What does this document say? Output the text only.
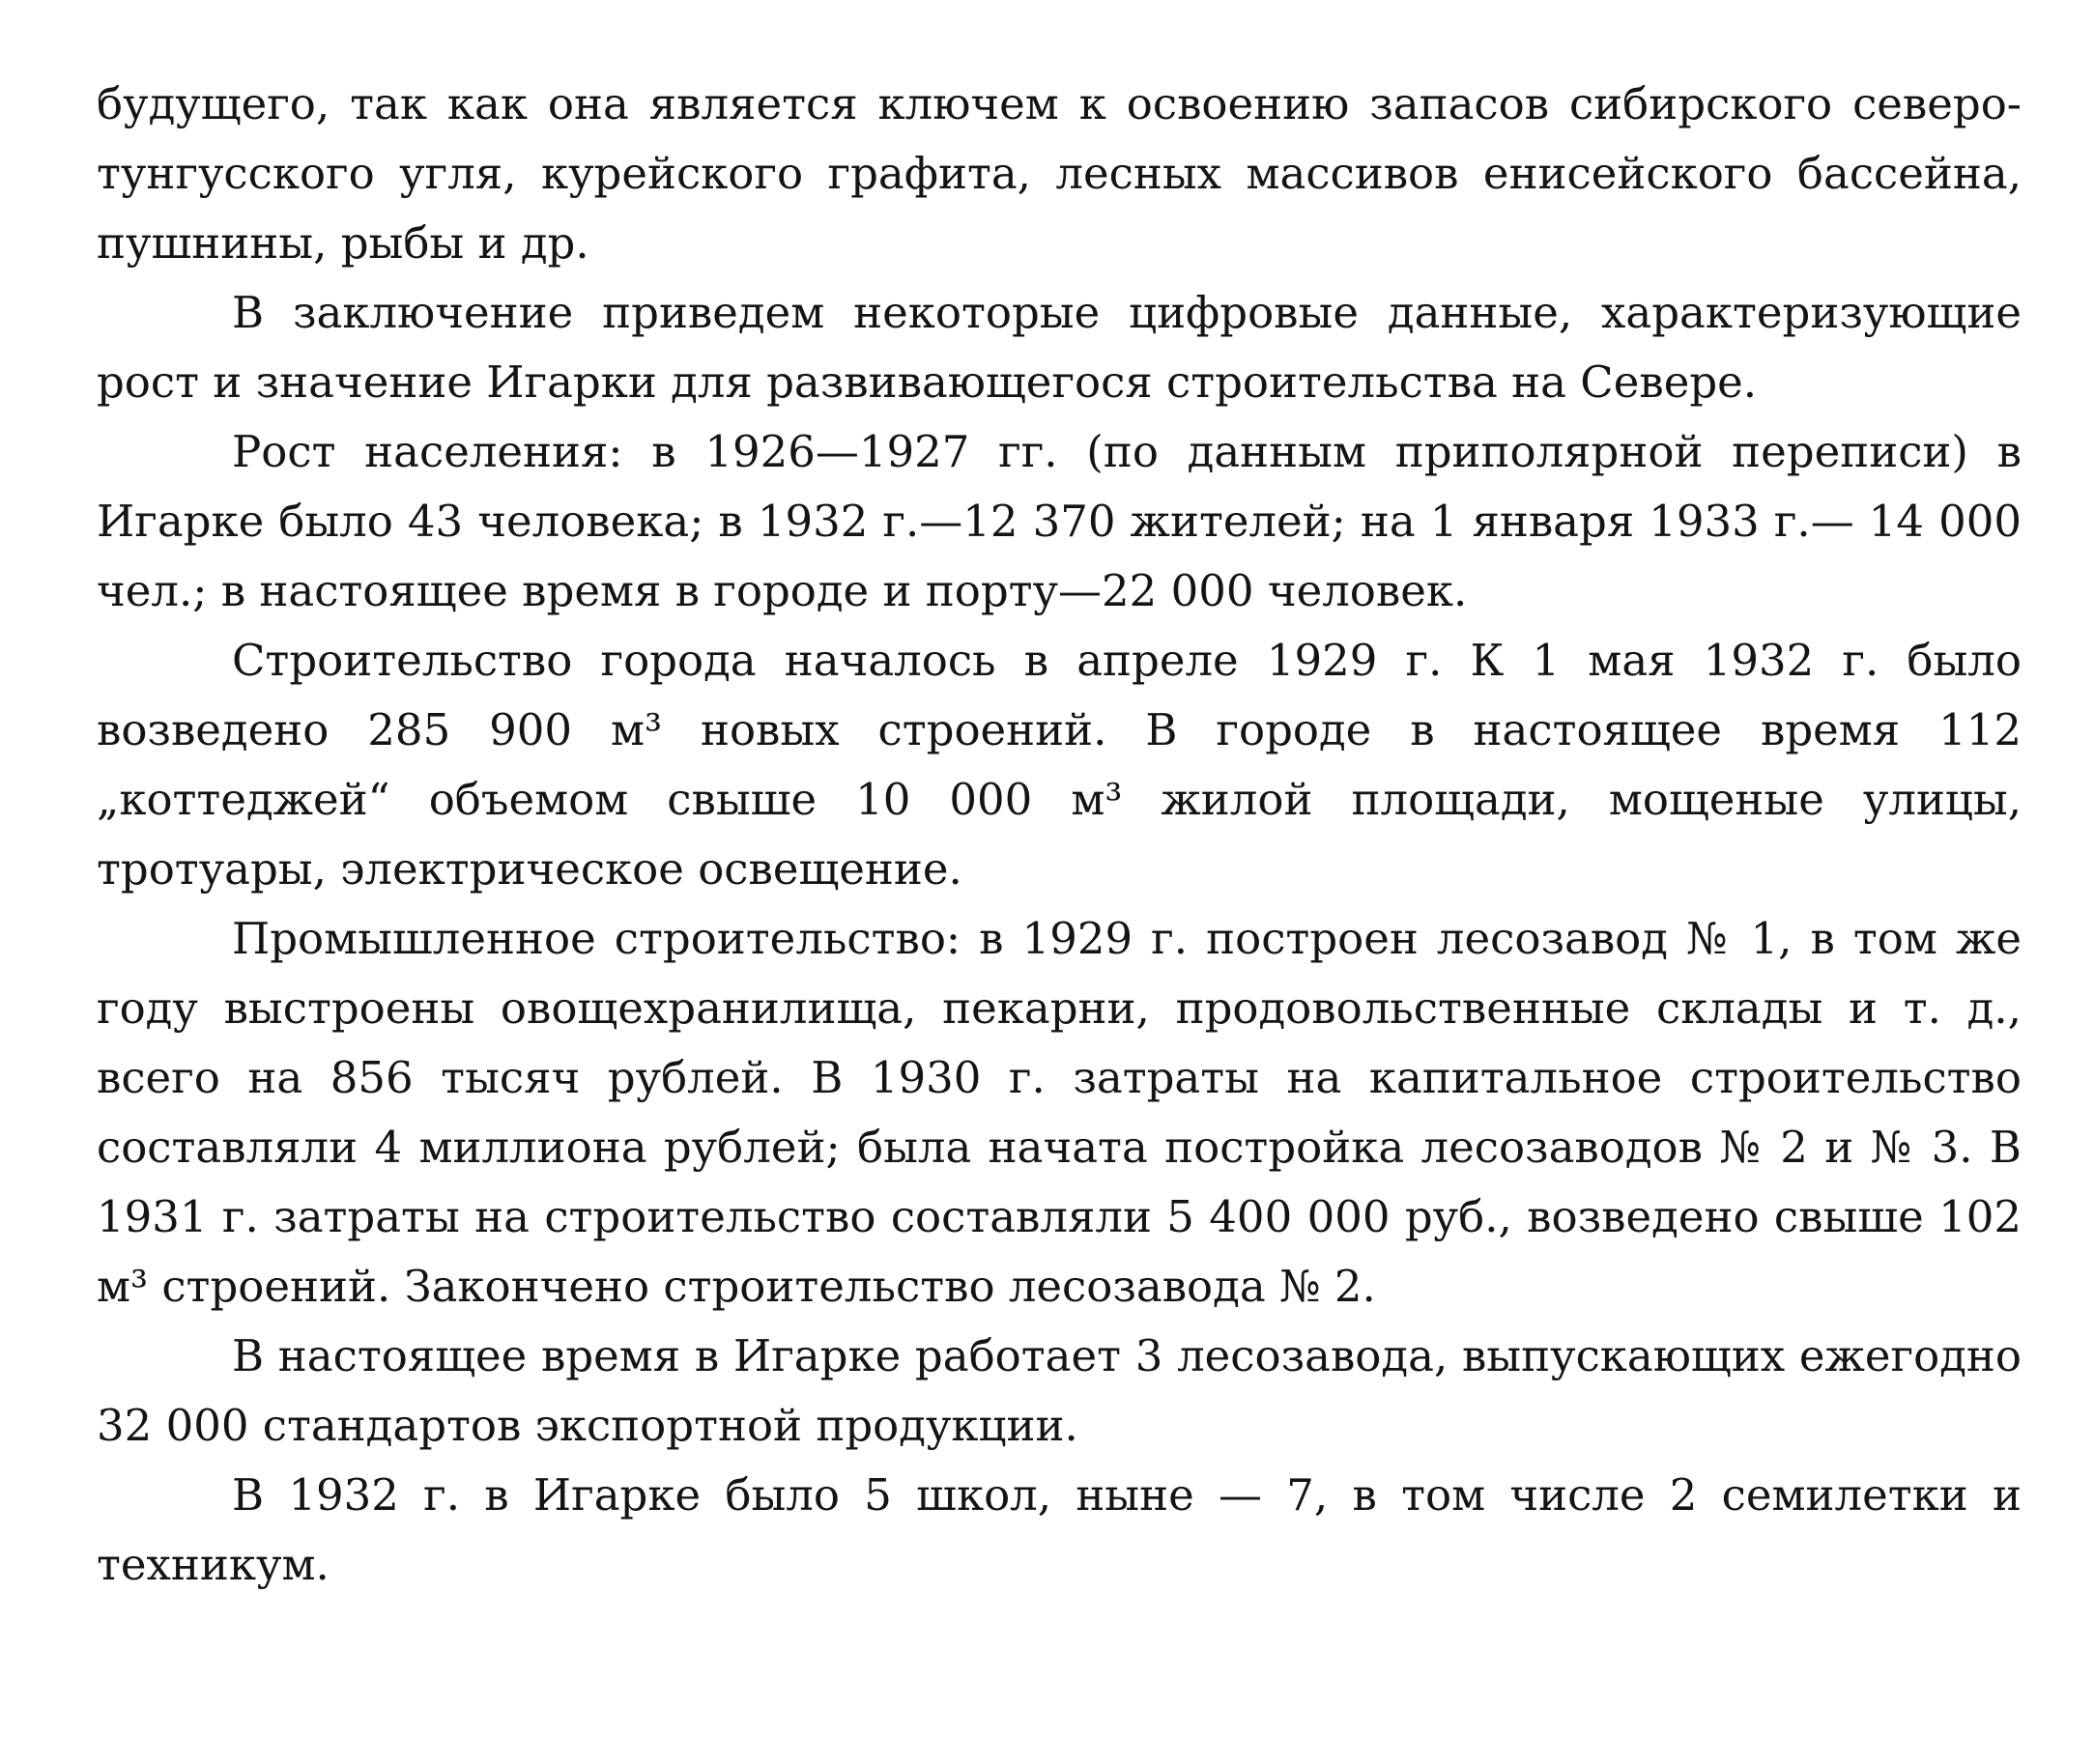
будущего, так как она является ключем к освоению запасов сибирского северо-тунгусского угля, курейского графита, лесных массивов енисейского бассейна, пушнины, рыбы и др.

В заключение приведем некоторые цифровые данные, характеризующие рост и значение Игарки для развивающегося строительства на Севере.

Рост населения: в 1926—1927 гг. (по данным приполярной переписи) в Игарке было 43 человека; в 1932 г.—12 370 жителей; на 1 января 1933 г.— 14 000 чел.; в настоящее время в городе и порту—22 000 человек.

Строительство города началось в апреле 1929 г. К 1 мая 1932 г. было возведено 285 900 м³ новых строений. В городе в настоящее время 112 „коттеджей“ объемом свыше 10 000 м³ жилой площади, мощеные улицы, тротуары, электрическое освещение.

Промышленное строительство: в 1929 г. построен лесозавод № 1, в том же году выстроены овощехранилища, пекарни, продовольственные склады и т. д., всего на 856 тысяч рублей. В 1930 г. затраты на капитальное строительство составляли 4 миллиона рублей; была начата постройка лесозаводов № 2 и № 3. В 1931 г. затраты на строительство составляли 5 400 000 руб., возведено свыше 102 м³ строений. Закончено строительство лесозавода № 2.

В настоящее время в Игарке работает 3 лесозавода, выпускающих ежегодно 32 000 стандартов экспортной продукции.

В 1932 г. в Игарке было 5 школ, ныне — 7, в том числе 2 семилетки и техникум.
